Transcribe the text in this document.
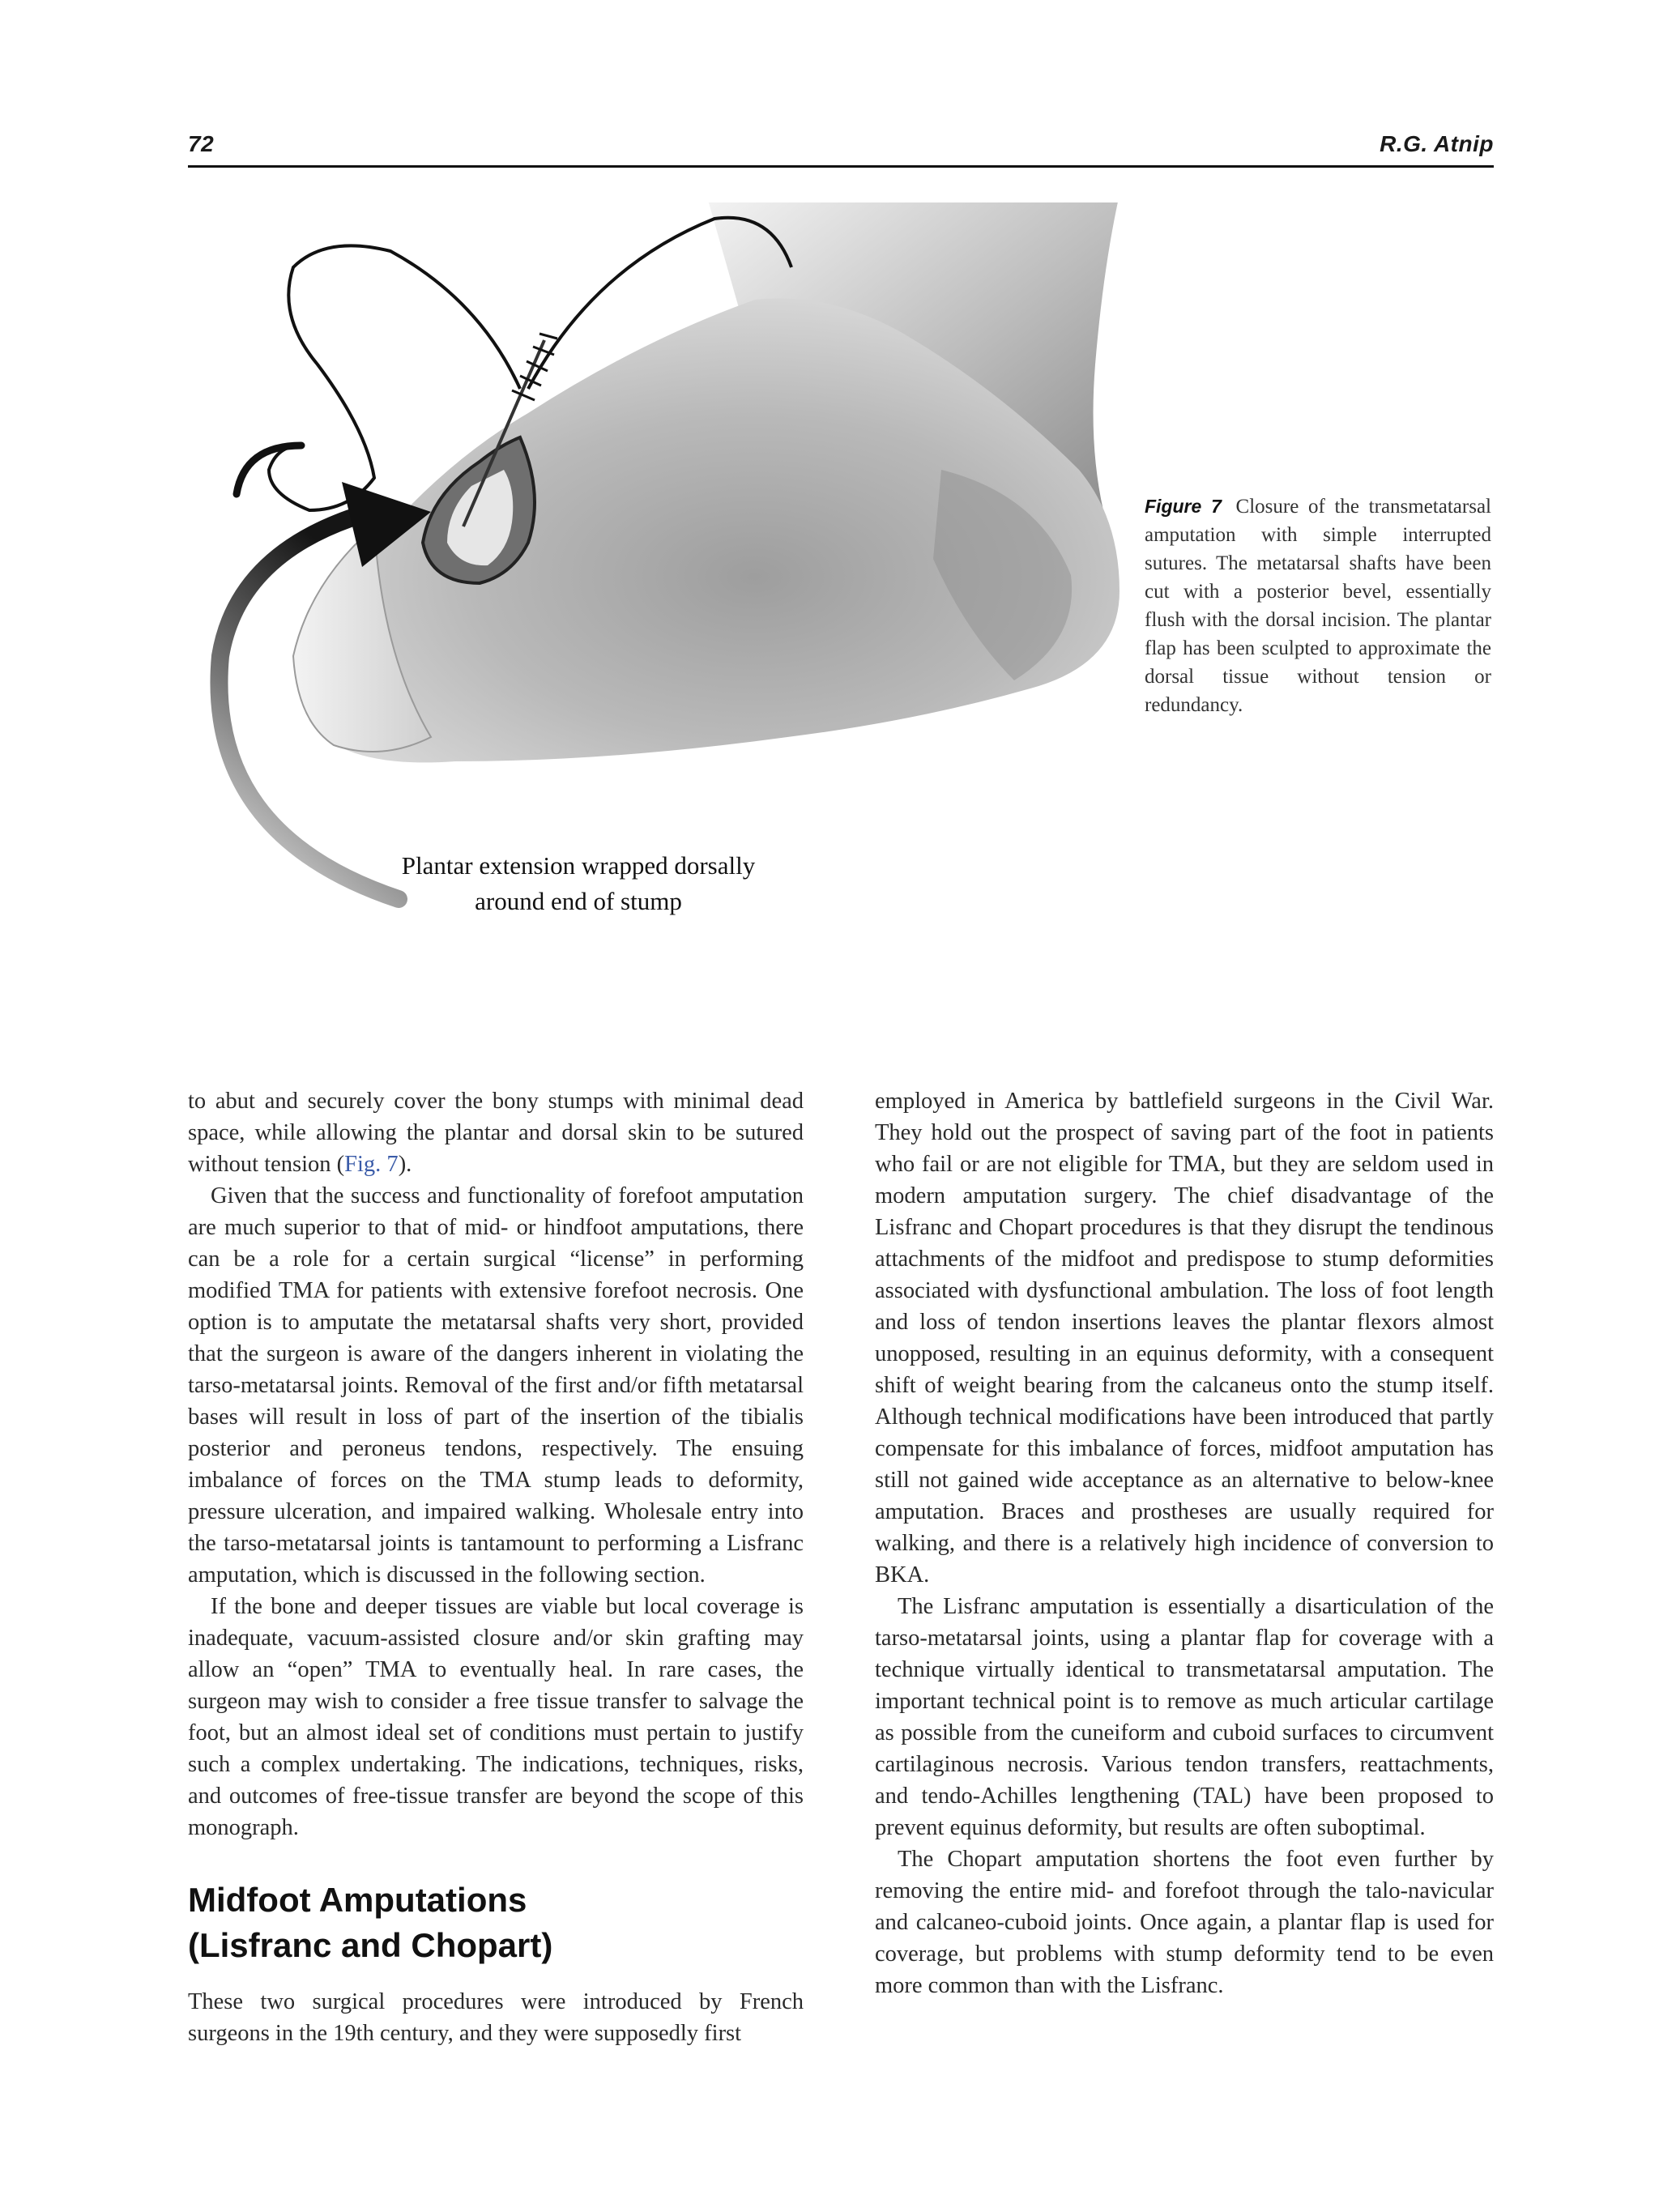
72	R.G. Atnip
Plantar extension wrapped dorsally
around end of stump
Figure 7 Closure of the transmetatarsal amputation with simple interrupted sutures. The metatarsal shafts have been cut with a posterior bevel, essentially flush with the dorsal incision. The plantar flap has been sculpted to approximate the dorsal tissue without tension or redundancy.

to abut and securely cover the bony stumps with minimal dead space, while allowing the plantar and dorsal skin to be sutured without tension (Fig. 7).

Given that the success and functionality of forefoot amputation are much superior to that of mid- or hindfoot amputations, there can be a role for a certain surgical “license” in performing modified TMA for patients with extensive forefoot necrosis. One option is to amputate the metatarsal shafts very short, provided that the surgeon is aware of the dangers inherent in violating the tarso-metatarsal joints. Removal of the first and/or fifth metatarsal bases will result in loss of part of the insertion of the tibialis posterior and peroneus tendons, respectively. The ensuing imbalance of forces on the TMA stump leads to deformity, pressure ulceration, and impaired walking. Wholesale entry into the tarso-metatarsal joints is tantamount to performing a Lisfranc amputation, which is discussed in the following section.

If the bone and deeper tissues are viable but local coverage is inadequate, vacuum-assisted closure and/or skin grafting may allow an “open” TMA to eventually heal. In rare cases, the surgeon may wish to consider a free tissue transfer to salvage the foot, but an almost ideal set of conditions must pertain to justify such a complex undertaking. The indications, techniques, risks, and outcomes of free-tissue transfer are beyond the scope of this monograph.

Midfoot Amputations
(Lisfranc and Chopart)

These two surgical procedures were introduced by French surgeons in the 19th century, and they were supposedly first

employed in America by battlefield surgeons in the Civil War. They hold out the prospect of saving part of the foot in patients who fail or are not eligible for TMA, but they are seldom used in modern amputation surgery. The chief disadvantage of the Lisfranc and Chopart procedures is that they disrupt the tendinous attachments of the midfoot and predispose to stump deformities associated with dysfunctional ambulation. The loss of foot length and loss of tendon insertions leaves the plantar flexors almost unopposed, resulting in an equinus deformity, with a consequent shift of weight bearing from the calcaneus onto the stump itself. Although technical modifications have been introduced that partly compensate for this imbalance of forces, midfoot amputation has still not gained wide acceptance as an alternative to below-knee amputation. Braces and prostheses are usually required for walking, and there is a relatively high incidence of conversion to BKA.

The Lisfranc amputation is essentially a disarticulation of the tarso-metatarsal joints, using a plantar flap for coverage with a technique virtually identical to transmetatarsal amputation. The important technical point is to remove as much articular cartilage as possible from the cuneiform and cuboid surfaces to circumvent cartilaginous necrosis. Various tendon transfers, reattachments, and tendo-Achilles lengthening (TAL) have been proposed to prevent equinus deformity, but results are often suboptimal.

The Chopart amputation shortens the foot even further by removing the entire mid- and forefoot through the talo-navicular and calcaneo-cuboid joints. Once again, a plantar flap is used for coverage, but problems with stump deformity tend to be even more common than with the Lisfranc.
